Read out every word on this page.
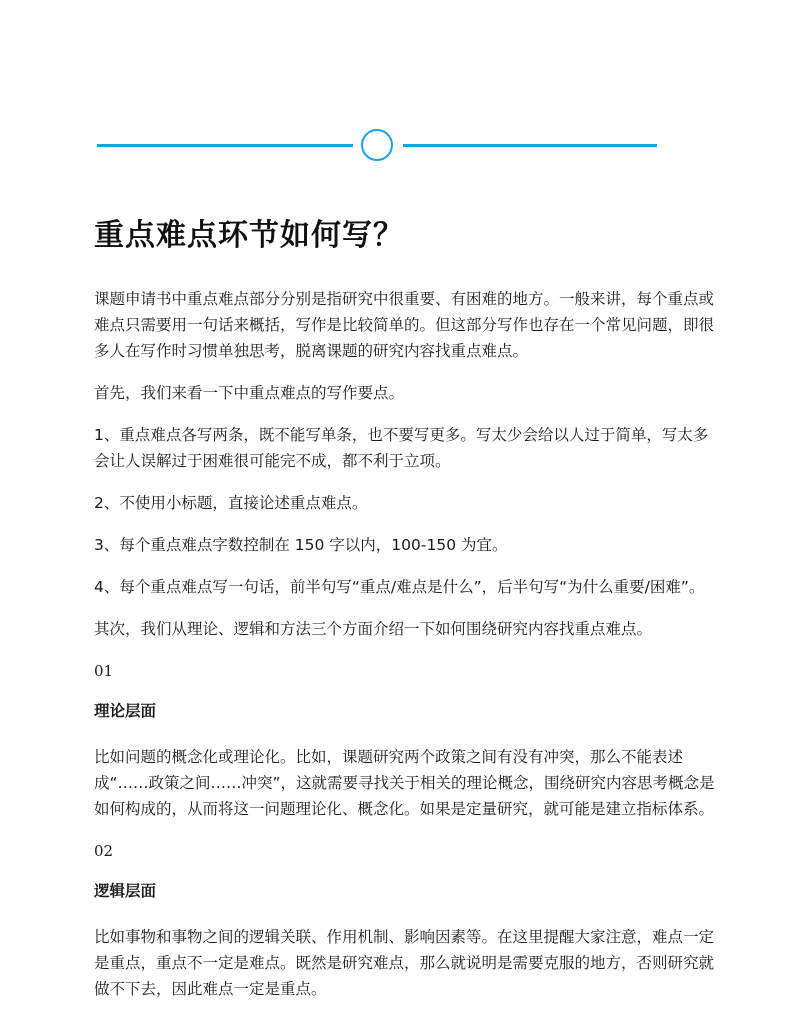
重点难点环节如何写？

课题申请书中重点难点部分分别是指研究中很重要、有困难的地方。一般来讲，每个重点或难点只需要用一句话来概括，写作是比较简单的。但这部分写作也存在一个常见问题，即很多人在写作时习惯单独思考，脱离课题的研究内容找重点难点。

首先，我们来看一下中重点难点的写作要点。

1、重点难点各写两条，既不能写单条，也不要写更多。写太少会给以人过于简单，写太多会让人误解过于困难很可能完不成，都不利于立项。

2、不使用小标题，直接论述重点难点。

3、每个重点难点字数控制在 150 字以内，100-150 为宜。

4、每个重点难点写一句话，前半句写“重点/难点是什么”，后半句写“为什么重要/困难”。

其次，我们从理论、逻辑和方法三个方面介绍一下如何围绕研究内容找重点难点。

01

理论层面

比如问题的概念化或理论化。比如，课题研究两个政策之间有没有冲突，那么不能表述成“……政策之间……冲突”，这就需要寻找关于相关的理论概念，围绕研究内容思考概念是如何构成的，从而将这一问题理论化、概念化。如果是定量研究，就可能是建立指标体系。

02

逻辑层面

比如事物和事物之间的逻辑关联、作用机制、影响因素等。在这里提醒大家注意，难点一定是重点，重点不一定是难点。既然是研究难点，那么就说明是需要克服的地方，否则研究就做不下去，因此难点一定是重点。
